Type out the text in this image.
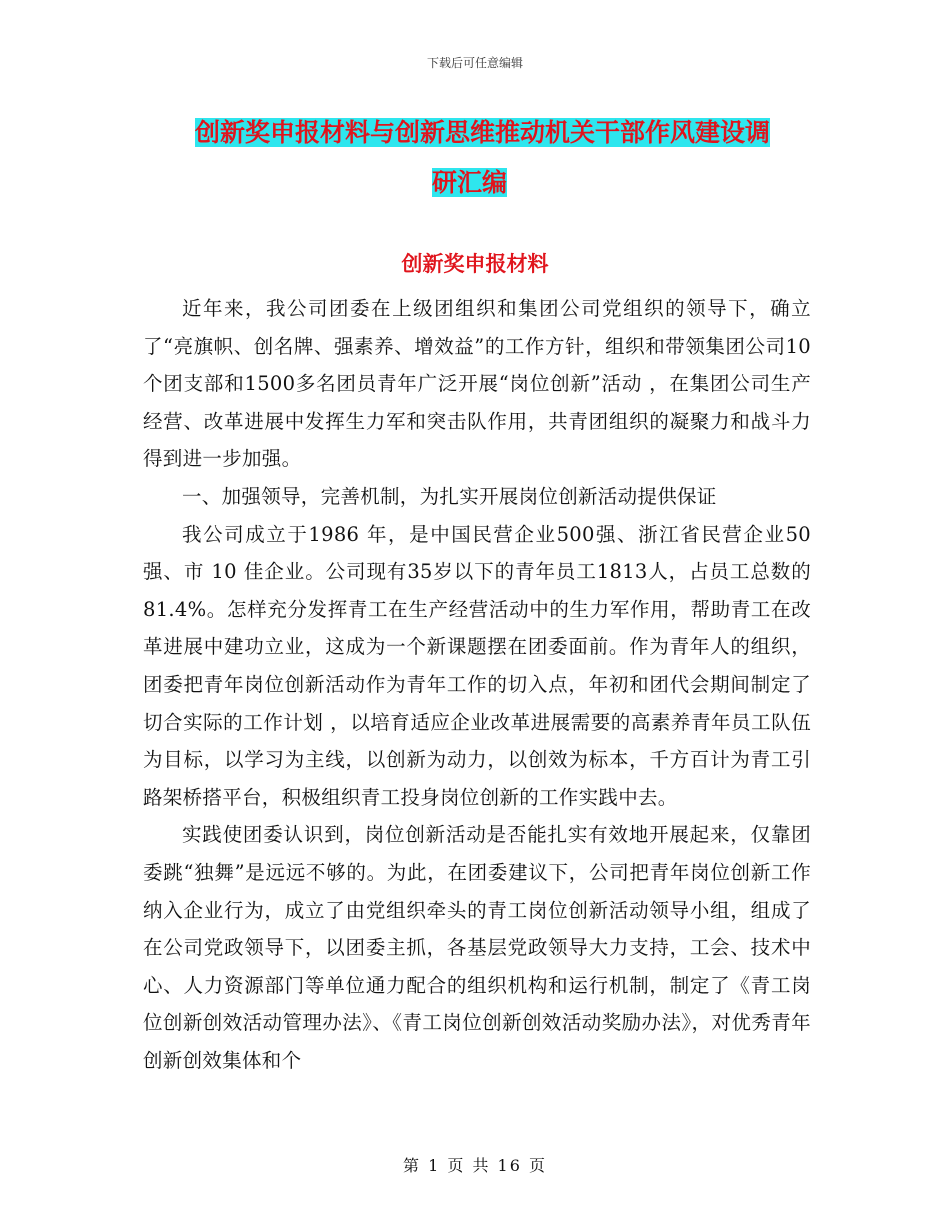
下载后可任意编辑
创新奖申报材料与创新思维推动机关干部作风建设调
研汇编
创新奖申报材料

近年来，我公司团委在上级团组织和集团公司党组织的领导下，确立了“亮旗帜、创名牌、强素养、增效益”的工作方针，组织和带领集团公司10个团支部和1500多名团员青年广泛开展“岗位创新”活动 ，在集团公司生产经营、改革进展中发挥生力军和突击队作用，共青团组织的凝聚力和战斗力得到进一步加强。

一、加强领导，完善机制，为扎实开展岗位创新活动提供保证

我公司成立于1986 年，是中国民营企业500强、浙江省民营企业50 强、市 10 佳企业。公司现有35岁以下的青年员工1813人，占员工总数的81.4%。怎样充分发挥青工在生产经营活动中的生力军作用，帮助青工在改革进展中建功立业，这成为一个新课题摆在团委面前。作为青年人的组织，团委把青年岗位创新活动作为青年工作的切入点，年初和团代会期间制定了切合实际的工作计划 ，以培育适应企业改革进展需要的高素养青年员工队伍为目标，以学习为主线，以创新为动力，以创效为标本，千方百计为青工引路架桥搭平台，积极组织青工投身岗位创新的工作实践中去。

实践使团委认识到，岗位创新活动是否能扎实有效地开展起来，仅靠团委跳“独舞”是远远不够的。为此，在团委建议下，公司把青年岗位创新工作纳入企业行为，成立了由党组织牵头的青工岗位创新活动领导小组，组成了在公司党政领导下，以团委主抓，各基层党政领导大力支持，工会、技术中心、人力资源部门等单位通力配合的组织机构和运行机制，制定了《青工岗位创新创效活动管理办法》、《青工岗位创新创效活动奖励办法》，对优秀青年创新创效集体和个

第 1 页 共 16 页
